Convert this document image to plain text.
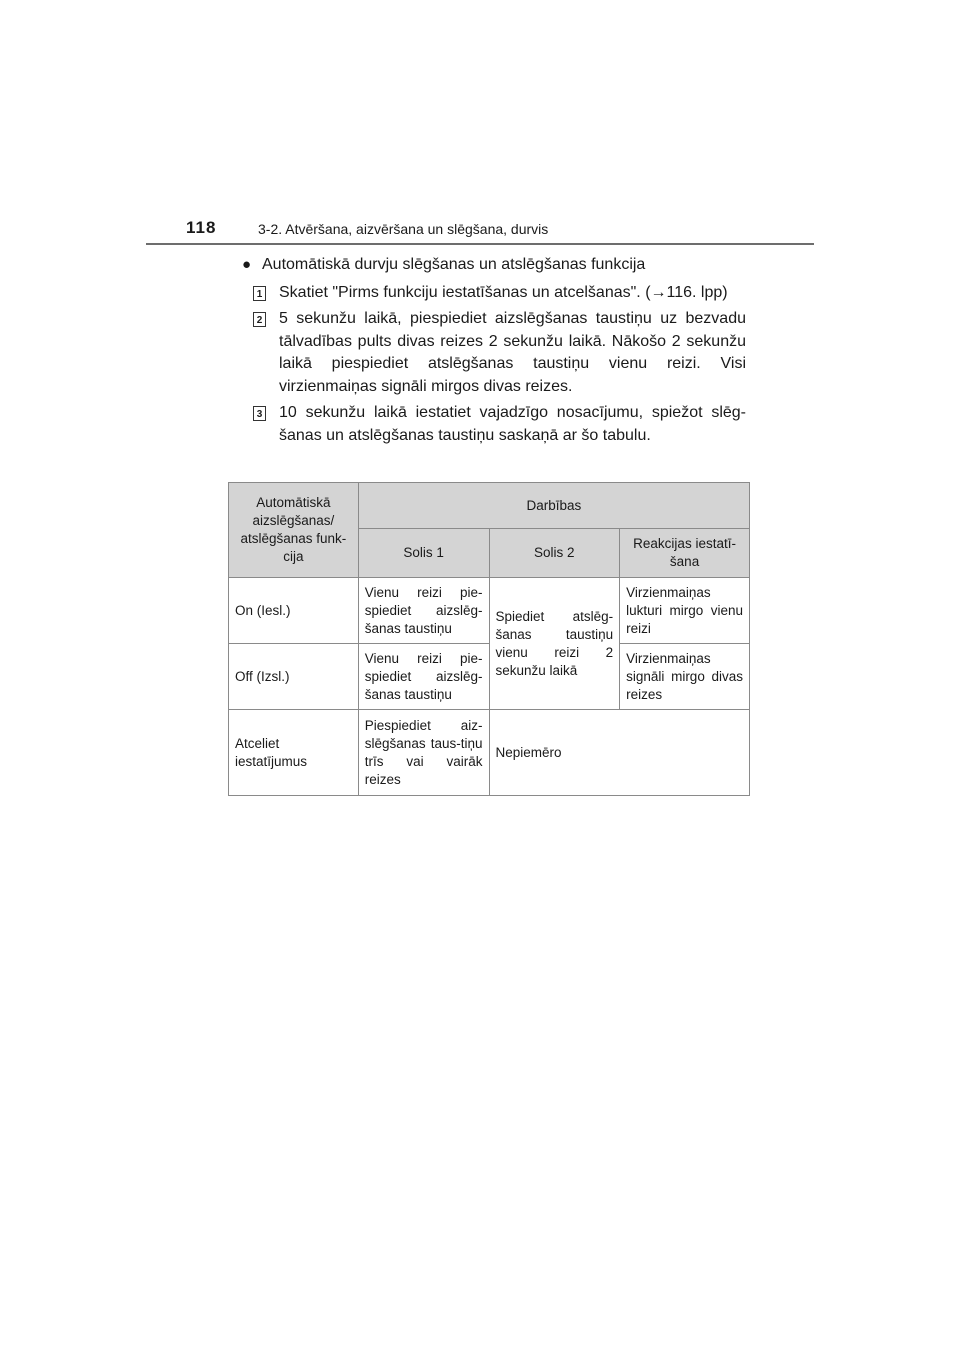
118	3-2. Atvēršana, aizvēršana un slēgšana, durvis
● Automātiskā durvju slēgšanas un atslēgšanas funkcija
1 Skatiet "Pirms funkciju iestatīšanas un atcelšanas". (→116. lpp)
2 5 sekunžu laikā, piespiediet aizslēgšanas taustiņu uz bezvadu tālvadības pults divas reizes 2 sekunžu laikā. Nākošo 2 sekunžu laikā piespiediet atslēgšanas taustiņu vienu reizi. Visi virzienmaiņas signāli mirgos divas reizes.
3 10 sekunžu laikā iestatiet vajadzīgo nosacījumu, spiežot slēg-šanas un atslēgšanas taustiņu saskaņā ar šo tabulu.
Automātiskā aizslēgšanas/ atslēgšanas funk-cija	Darbības		
	Solis 1	Solis 2	Reakcijas iestatī-šana
On (Iesl.)	Vienu reizi pie-spiediet aizslēg-šanas taustiņu	Spiediet atslēg-šanas taustiņu vienu reizi 2 sekunžu laikā	Virzienmaiņas lukturi mirgo vienu reizi
Off (Izsl.)	Vienu reizi pie-spiediet aizslēg-šanas taustiņu		Virzienmaiņas signāli mirgo divas reizes
Atceliet iestatījumus	Piespiediet aiz-slēgšanas taus-tiņu trīs vai vairāk reizes	Nepiemēro	
